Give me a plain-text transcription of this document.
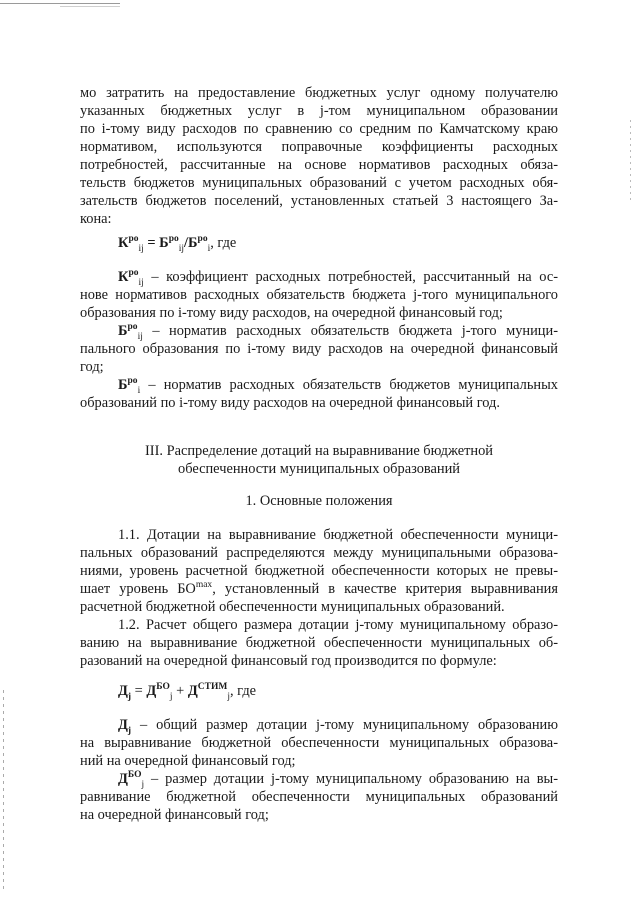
мо затратить на предоставление бюджетных услуг одному получателю

указанных бюджетных услуг в j-том муниципальном образовании

по i-тому виду расходов по сравнению со средним по Камчатскому краю

нормативом, используются поправочные коэффициенты расходных

потребностей, рассчитанные на основе нормативов расходных обяза-

тельств бюджетов муниципальных образований с учетом расходных обя-

зательств бюджетов поселений, установленных статьей 3 настоящего За-

кона:

$К^{ро}_{ij} = Б^{ро}_{ij}/Б^{ро}_i$, где

$К^{ро}_{ij}$ – коэффициент расходных потребностей, рассчитанный на ос-

нове нормативов расходных обязательств бюджета j-того муниципального

образования по i-тому виду расходов, на очередной финансовый год;

$Б^{ро}_{ij}$ – норматив расходных обязательств бюджета j-того муници-

пального образования по i-тому виду расходов на очередной финансовый

год;

$Б^{ро}_i$ – норматив расходных обязательств бюджетов муниципальных

образований по i-тому виду расходов на очередной финансовый год.

III. Распределение дотаций на выравнивание бюджетной

обеспеченности муниципальных образований

1. Основные положения

1.1. Дотации на выравнивание бюджетной обеспеченности муници-

пальных образований распределяются между муниципальными образова-

ниями, уровень расчетной бюджетной обеспеченности которых не превы-

шает уровень $БО^{max}$, установленный в качестве критерия выравнивания

расчетной бюджетной обеспеченности муниципальных образований.

1.2. Расчет общего размера дотации j-тому муниципальному образо-

ванию на выравнивание бюджетной обеспеченности муниципальных об-

разований на очередной финансовый год производится по формуле:

$Д_j = Д^{БО}_j + Д^{СТИМ}_j$, где

$Д_j$ – общий размер дотации j-тому муниципальному образованию

на выравнивание бюджетной обеспеченности муниципальных образова-

ний на очередной финансовый год;

$Д^{БО}_j$ – размер дотации j-тому муниципальному образованию на вы-

равнивание бюджетной обеспеченности муниципальных образований

на очередной финансовый год;
